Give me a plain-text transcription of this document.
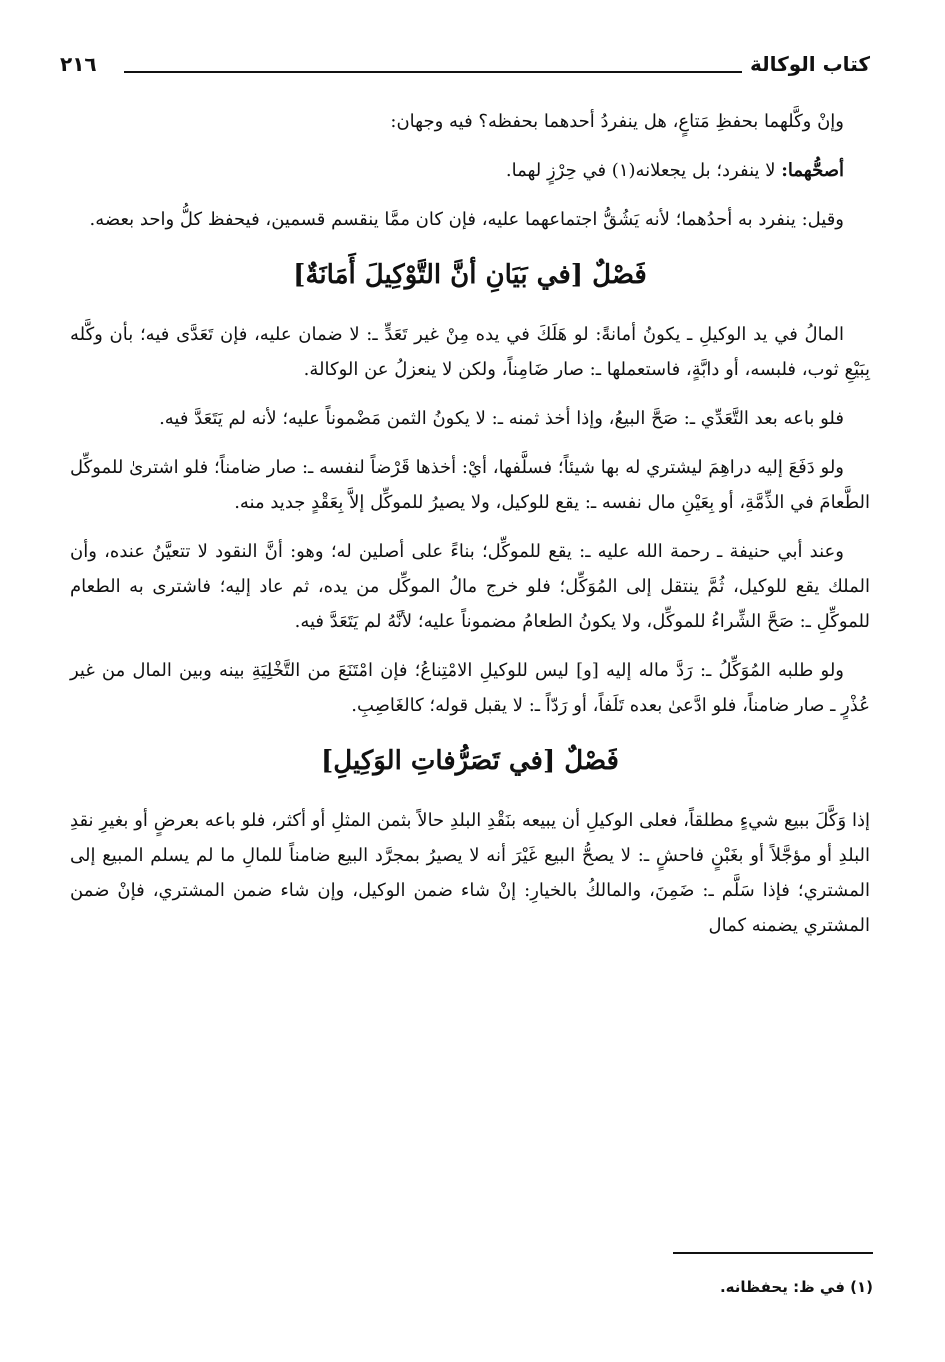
كتاب الوكالة
٢١٦

وإنْ وكَّلهما بحفظِ مَتاعٍ، هل ينفردُ أحدهما بحفظه؟ فيه وجهان:

أصحُّهما: لا ينفرد؛ بل يجعلانه(١) في حِرْزٍ لهما.

وقيل: ينفرد به أحدُهما؛ لأنه يَشُقُّ اجتماعهما عليه، فإن كان ممَّا ينقسم قسمين، فيحفظ كلُّ واحد بعضه.

فَصْلٌ [في بَيَانِ أنَّ التَّوْكِيلَ أَمَانَةٌ]

المالُ في يد الوكيلِ ـ يكونُ أمانةً: لو هَلَكَ في يده مِنْ غير تَعَدٍّ ـ: لا ضمان عليه، فإن تَعَدَّى فيه؛ بأن وكَّله بِبَيْعِ ثوب، فلبسه، أو دابَّةٍ، فاستعملها ـ: صار ضَامِناً، ولكن لا ينعزلُ عن الوكالة.

فلو باعه بعد التَّعَدِّي ـ: صَحَّ البيعُ، وإذا أخذ ثمنه ـ: لا يكونُ الثمن مَضْموناً عليه؛ لأنه لم يَتَعَدَّ فيه.

ولو دَفَعَ إليه دراهِمَ ليشتري له بها شيئاً؛ فسلَّفها، أيْ: أخذها قَرْضاً لنفسه ـ: صار ضامناً؛ فلو اشترىٰ للموكِّل الطَّعامَ في الذِّمَّةِ، أو بِعَيْنِ مال نفسه ـ: يقع للوكيل، ولا يصيرُ للموكِّل إلاَّ بِعَقْدٍ جديد منه.

وعند أبي حنيفة ـ رحمة الله عليه ـ: يقع للموكِّل؛ بناءً على أصلين له؛ وهو: أنَّ النقود لا تتعيَّنُ عنده، وأن الملك يقع للوكيل، ثُمَّ ينتقل إلى المُوَكِّل؛ فلو خرج مالُ الموكِّل من يده، ثم عاد إليه؛ فاشترى به الطعام للموكِّلِ ـ: صَحَّ الشِّراءُ للموكِّل، ولا يكونُ الطعامُ مضموناً عليه؛ لأنَّهُ لم يَتَعَدَّ فيه.

ولو طلبه المُوَكِّلُ ـ: رَدَّ ماله إليه [و] ليس للوكيلِ الامْتِناعُ؛ فإن امْتَنَعَ من التَّخْلِيَةِ بينه وبين المال من غير عُذْرٍ ـ صار ضامناً، فلو ادَّعىٰ بعده تَلَفاً، أو رَدّاً ـ: لا يقبل قوله؛ كالغَاصِبِ.

فَصْلٌ [في تَصَرُّفاتِ الوَكِيلِ]

إذا وَكَّلَ ببيع شيءٍ مطلقاً، فعلى الوكيلِ أن يبيعه بنَقْدِ البلدِ حالاً بثمن المثلِ أو أكثر، فلو باعه بعرضٍ أو بغيرِ نقدِ البلدِ أو مؤجَّلاً أو بغَبْنٍ فاحشٍ ـ: لا يصحُّ البيع غَيْرَ أنه لا يصيرُ بمجرَّد البيع ضامناً للمالِ ما لم يسلم المبيع إلى المشتري؛ فإذا سَلَّم ـ: ضَمِنَ، والمالكُ بالخيارِ: إنْ شاء ضمن الوكيل، وإن شاء ضمن المشتري، فإنْ ضمن المشتري يضمنه كمال

(١) في ظ: يحفظانه.
